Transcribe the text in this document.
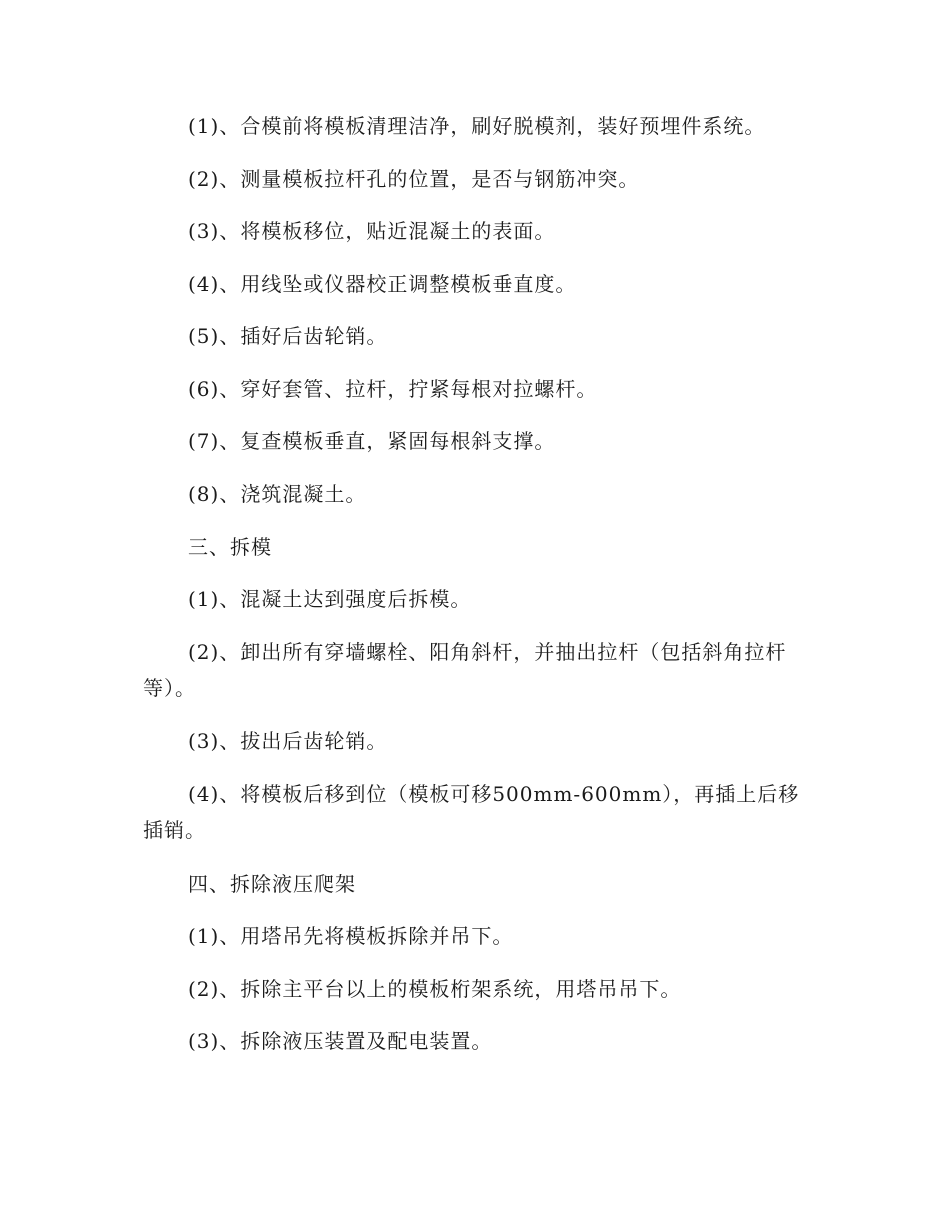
(1)、合模前将模板清理洁净，刷好脱模剂，装好预埋件系统。

(2)、测量模板拉杆孔的位置，是否与钢筋冲突。

(3)、将模板移位，贴近混凝土的表面。

(4)、用线坠或仪器校正调整模板垂直度。

(5)、插好后齿轮销。

(6)、穿好套管、拉杆，拧紧每根对拉螺杆。

(7)、复查模板垂直，紧固每根斜支撑。

(8)、浇筑混凝土。

三、拆模

(1)、混凝土达到强度后拆模。

(2)、卸出所有穿墙螺栓、阳角斜杆，并抽出拉杆（包括斜角拉杆等）。

(3)、拔出后齿轮销。

(4)、将模板后移到位（模板可移500mm-600mm），再插上后移插销。

四、拆除液压爬架

(1)、用塔吊先将模板拆除并吊下。

(2)、拆除主平台以上的模板桁架系统，用塔吊吊下。

(3)、拆除液压装置及配电装置。
